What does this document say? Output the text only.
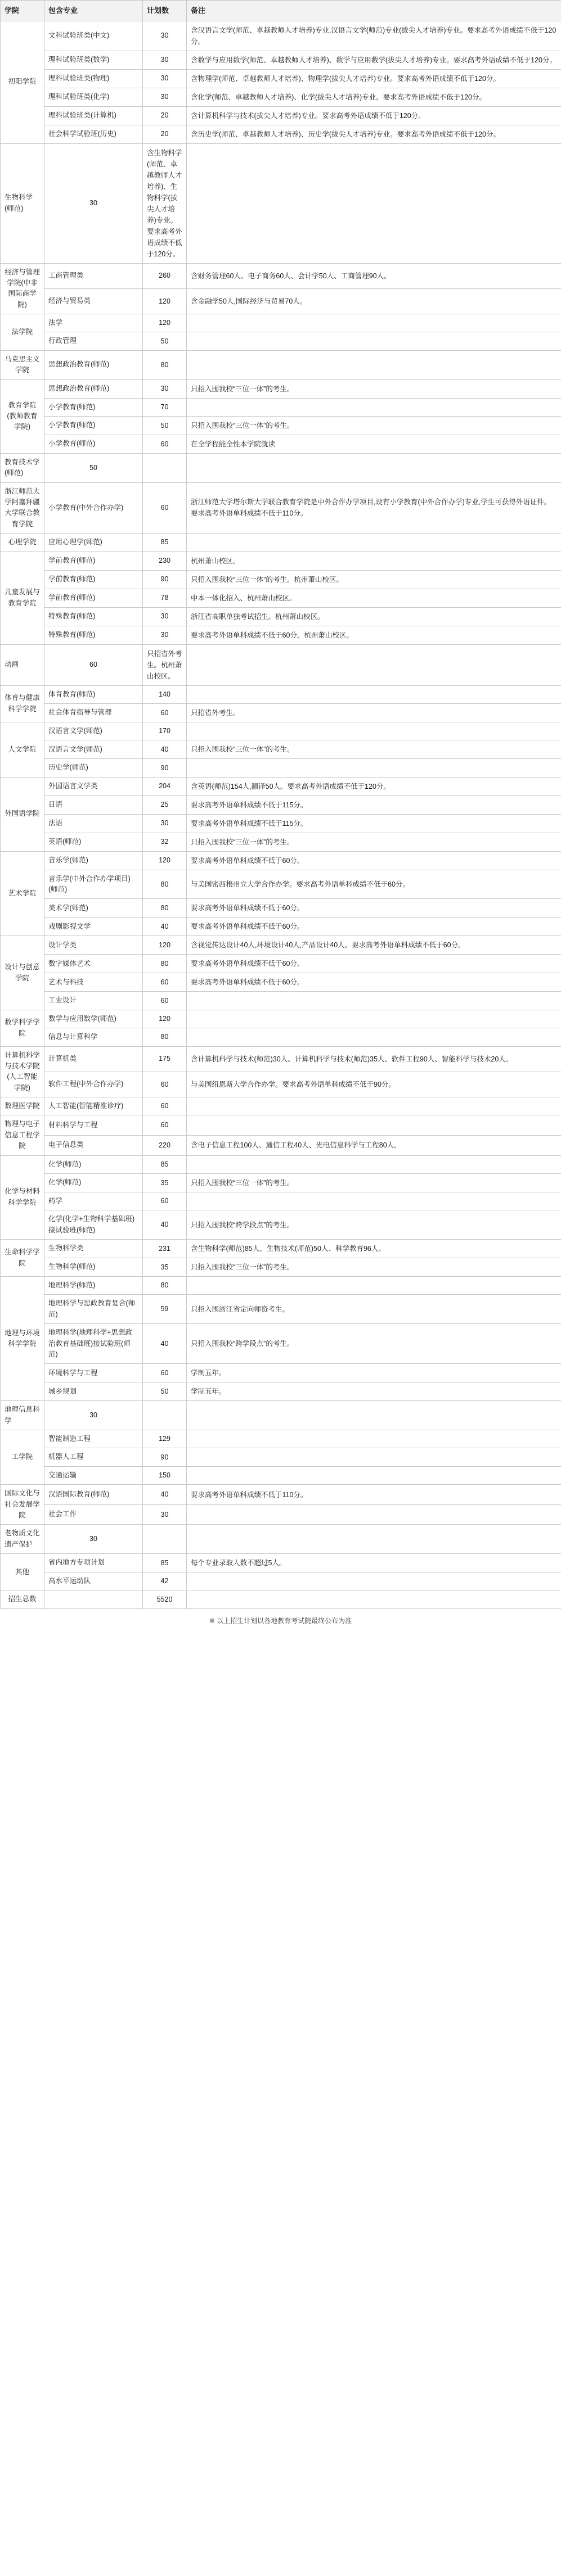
学院	包含专业	计划数	备注
初阳学院	文科试验班类(中文)	30	含汉语言文学(师范、卓越教师人才培养)专业,汉语言文学(师范)专业(拔尖人才培养)专业。要求高考外语成绩不低于120分。
	理科试验班类(数学)	30	含数学与应用数学(师范、卓越教师人才培养)、数学与应用数学(拔尖人才培养)专业。要求高考外语成绩不低于120分。
	理科试验班类(物理)	30	含物理学(师范、卓越教师人才培养)、物理学(拔尖人才培养)专业。要求高考外语成绩不低于120分。
	理科试验班类(化学)	30	含化学(师范、卓越教师人才培养)、化学(拔尖人才培养)专业。要求高考外语成绩不低于120分。
	理科试验班类(计算机)	20	含计算机科学与技术(拔尖人才培养)专业。要求高考外语成绩不低于120分。
	社会科学试验班(历史)	20	含历史学(师范、卓越教师人才培养)、历史学(拔尖人才培养)专业。要求高考外语成绩不低于120分。
生物科学(师范)	30	含生物科学(师范、卓越教师人才培养)、生物科学(拔尖人才培养)专业。要求高考外语成绩不低于120分。	
经济与管理学院(中非国际商学院)	工商管理类	260	含财务管理60人、电子商务60人、会计学50人、工商管理90人。
	经济与贸易类	120	含金融学50人,国际经济与贸易70人。
法学院	法学	120	
	行政管理	50	
马克思主义学院	思想政治教育(师范)	80	
教育学院(教师教育学院)	思想政治教育(师范)	30	只招入围我校“三位一体”的考生。
	小学教育(师范)	70	
	小学教育(师范)	50	只招入围我校“三位一体”的考生。
	小学教育(师范)	60	在全学程能全性本学院就读
教育技术学(师范)	50		
浙江师范大学阿塞拜疆大学联合教育学院	小学教育(中外合作办学)	60	浙江师范大学塔尔斯大学联合教育学院是中外合作办学项目,设有小学教育(中外合作办学)专业,学生可获得外语证件。要求高考外语单科成绩不低于110分。
心理学院	应用心理学(师范)	85	
儿童发展与教育学院	学前教育(师范)	230	杭州萧山校区。
	学前教育(师范)	90	只招入围我校“三位一体”的考生。杭州萧山校区。
	学前教育(师范)	78	中本一体化招入、杭州萧山校区。
	特殊教育(师范)	30	浙江省高职单独考试招生。杭州萧山校区。
	特殊教育(师范)	30	要求高考外语单科成绩不低于60分。杭州萧山校区。
动画	60	只招省外考生。杭州萧山校区。	
体育与健康科学学院	体育教育(师范)	140	
	社会体育指导与管理	60	只招省外考生。
人文学院	汉语言文学(师范)	170	
	汉语言文学(师范)	40	只招入围我校“三位一体”的考生。
	历史学(师范)	90	
外国语学院	外国语言文学类	204	含英语(师范)154人,翻译50人。要求高考外语成绩不低于120分。
	日语	25	要求高考外语单科成绩不低于115分。
	法语	30	要求高考外语单科成绩不低于115分。
	英语(师范)	32	只招入围我校“三位一体”的考生。
艺术学院	音乐学(师范)	120	要求高考外语单科成绩不低于60分。
	音乐学(中外合作办学项目)(师范)	80	与美国密西根州立大学合作办学。要求高考外语单科成绩不低于60分。
	美术学(师范)	80	要求高考外语单科成绩不低于60分。
	戏剧影视文学	40	要求高考外语单科成绩不低于60分。
设计与创意学院	设计学类	120	含视觉传达设计40人,环境设计40人,产品设计40人。要求高考外语单科成绩不低于60分。
	数字媒体艺术	80	要求高考外语单科成绩不低于60分。
	艺术与科技	60	要求高考外语单科成绩不低于60分。
	工业设计	60	
数学科学学院	数学与应用数学(师范)	120	
	信息与计算科学	80	
计算机科学与技术学院(人工智能学院)	计算机类	175	含计算机科学与技术(师范)30人、计算机科学与技术(师范)35人、软件工程90人、智能科学与技术20人。
	软件工程(中外合作办学)	60	与美国纽恩斯大学合作办学。要求高考外语单科成绩不低于90分。
数理医学院	人工智能(智能精准诊疗)	60	
物理与电子信息工程学院	材料科学与工程	60	
	电子信息类	220	含电子信息工程100人、通信工程40人、光电信息科学与工程80人。
化学与材料科学学院	化学(师范)	85	
	化学(师范)	35	只招入围我校“三位一体”的考生。
	药学	60	
	化学(化学+生物科学基础班)接试验班(师范)	40	只招入围我校“跨学段点”的考生。
生命科学学院	生物科学类	231	含生物科学(师范)85人、生物技术(师范)50人、科学教育96人。
	生物科学(师范)	35	只招入围我校“三位一体”的考生。
地理与环境科学学院	地理科学(师范)	80	
	地理科学与思政教育复合(师范)	59	只招入围浙江省定向师资考生。
	地理科学(地理科学+思想政治教育基础班)接试验班(师范)	40	只招入围我校“跨学段点”的考生。
	环境科学与工程	60	学制五年。
	城乡规划	50	学制五年。
地理信息科学	30		
工学院	智能制造工程	129	
	机器人工程	90	
	交通运输	150	
国际文化与社会发展学院	汉语国际教育(师范)	40	要求高考外语单科成绩不低于110分。
	社会工作	30	
老物质文化遗产保护	30		
其他	省内地方专项计划	85	每个专业录取人数不超过5人。
	高水平运动队	42	
招生总数		5520	
※ 以上招生计划以各地教育考试院最终公布为准
